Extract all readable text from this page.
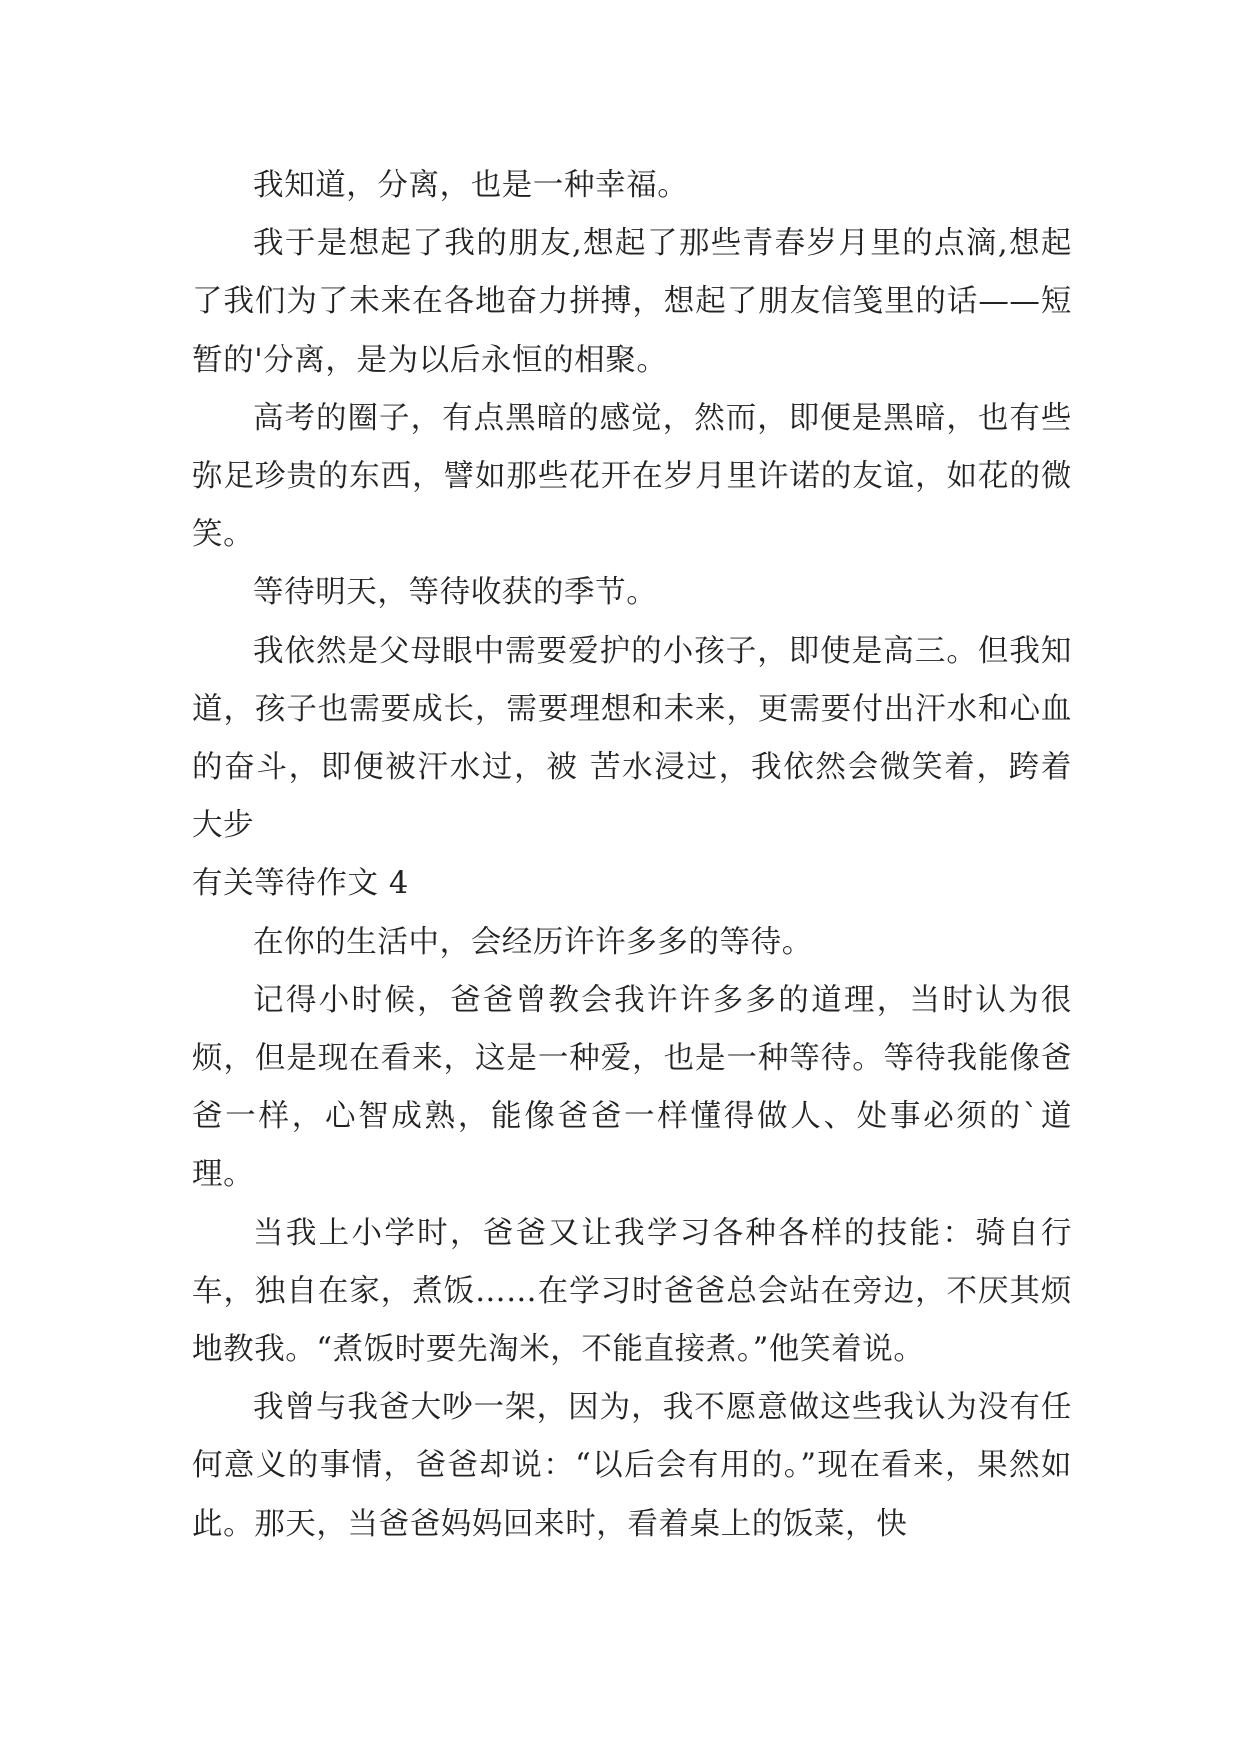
我知道，分离，也是一种幸福。

我于是想起了我的朋友,想起了那些青春岁月里的点滴,想起了我们为了未来在各地奋力拼搏，想起了朋友信笺里的话——短暂的'分离，是为以后永恒的相聚。

高考的圈子，有点黑暗的感觉，然而，即便是黑暗，也有些弥足珍贵的东西，譬如那些花开在岁月里许诺的友谊，如花的微笑。

等待明天，等待收获的季节。

我依然是父母眼中需要爱护的小孩子，即使是高三。但我知道，孩子也需要成长，需要理想和未来，更需要付出汗水和心血的奋斗，即便被汗水过，被 苦水浸过，我依然会微笑着，跨着大步

有关等待作文 4

在你的生活中，会经历许许多多的等待。

记得小时候，爸爸曾教会我许许多多的道理，当时认为很烦，但是现在看来，这是一种爱，也是一种等待。等待我能像爸爸一样，心智成熟，能像爸爸一样懂得做人、处事必须的`道理。

当我上小学时，爸爸又让我学习各种各样的技能：骑自行车，独自在家，煮饭……在学习时爸爸总会站在旁边，不厌其烦地教我。“煮饭时要先淘米，不能直接煮。”他笑着说。

我曾与我爸大吵一架，因为，我不愿意做这些我认为没有任何意义的事情，爸爸却说：“以后会有用的。”现在看来，果然如此。那天，当爸爸妈妈回来时，看着桌上的饭菜，快
